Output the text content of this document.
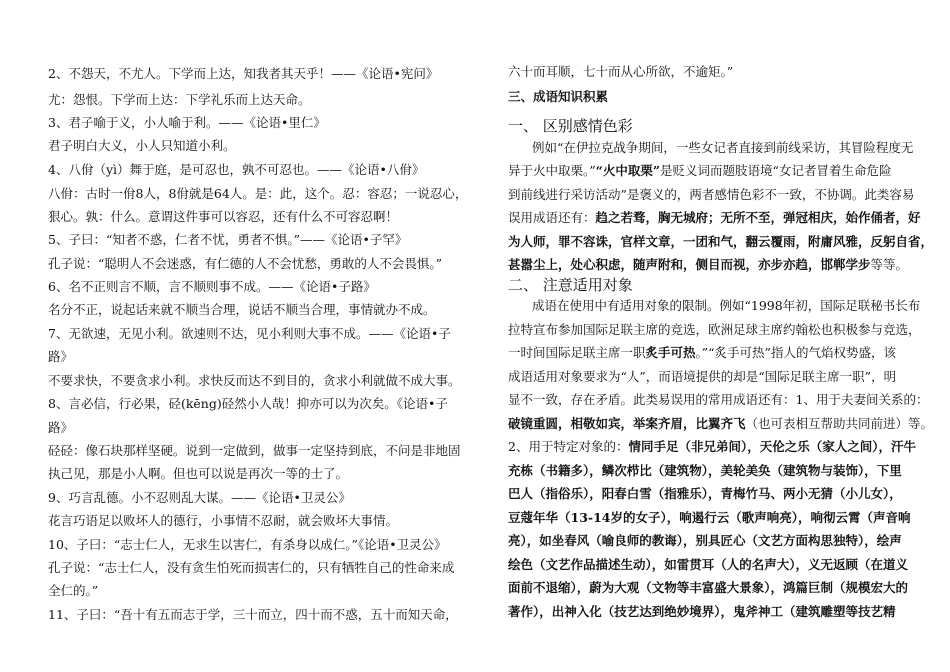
2、不怨天，不尤人。下学而上达，知我者其天乎！——《论语•宪问》

尤：怨恨。下学而上达：下学礼乐而上达天命。

3、君子喻于义，小人喻于利。——《论语•里仁》

君子明白大义，小人只知道小利。

4、八佾（yì）舞于庭，是可忍也，孰不可忍也。——《论语•八佾》

八佾：古时一佾8人，8佾就是64人。是：此，这个。忍：容忍；一说忍心，

狠心。孰：什么。意谓这件事可以容忍，还有什么不可容忍啊！

5、子曰：“知者不惑，仁者不忧，勇者不惧。”——《论语•子罕》

孔子说：“聪明人不会迷惑，有仁德的人不会忧愁，勇敢的人不会畏惧。”

6、名不正则言不顺，言不顺则事不成。——《论语•子路》

名分不正，说起话来就不顺当合理，说话不顺当合理，事情就办不成。

7、无欲速，无见小利。欲速则不达，见小利则大事不成。——《论语•子

路》

不要求快，不要贪求小利。求快反而达不到目的，贪求小利就做不成大事。

8、言必信，行必果，硁(kēng)硁然小人哉！抑亦可以为次矣。《论语•子

路》

硁硁：像石块那样坚硬。说到一定做到，做事一定坚持到底，不问是非地固

执己见，那是小人啊。但也可以说是再次一等的士了。

9、巧言乱德。小不忍则乱大谋。——《论语•卫灵公》

花言巧语足以败坏人的德行，小事情不忍耐，就会败坏大事情。

10、子曰：“志士仁人，无求生以害仁，有杀身以成仁。”《论语•卫灵公》

孔子说：“志士仁人，没有贪生怕死而损害仁的，只有牺牲自己的性命来成

全仁的。”

11、子曰：“吾十有五而志于学，三十而立，四十而不惑，五十而知天命，

六十而耳顺，七十而从心所欲，不逾矩。”

三、成语知识积累

一、 区别感情色彩

例如“在伊拉克战争期间，一些女记者直接到前线采访，其冒险程度无

异于火中取栗。”“火中取栗”是贬义词而题肢语境“女记者冒着生命危险

到前线进行采访活动”是褒义的，两者感情色彩不一致，不协调。此类容易

误用成语还有：趋之若骛，胸无城府；无所不至，弹冠相庆，始作俑者，好

为人师，罪不容诛，官样文章，一团和气，翻云覆雨，附庸风雅，反躬自省，

甚嚣尘上，处心积虑，随声附和，侧目而视，亦步亦趋，邯郸学步等等。

二、 注意适用对象

成语在使用中有适用对象的限制。例如“1998年初，国际足联秘书长布

拉特宣布参加国际足联主席的竞选，欧洲足球主席约翰松也积极参与竞选，

一时间国际足联主席一职炙手可热。”“炙手可热”指人的气焰权势盛，该

成语适用对象要求为“人”，而语境提供的却是“国际足联主席一职”，明

显不一致，存在矛盾。此类易误用的常用成语还有：1、用于夫妻间关系的：

破镜重圆，相敬如宾，举案齐眉，比翼齐飞（也可表相互帮助共同前进）等。

2、用于特定对象的：情同手足（非兄弟间），天伦之乐（家人之间），汗牛

充栋（书籍多），鳞次栉比（建筑物），美轮美奂（建筑物与装饰），下里

巴人（指俗乐），阳春白雪（指雅乐），青梅竹马、两小无猜（小儿女），

豆蔻年华（13-14岁的女子），响遏行云（歌声响亮），响彻云霄（声音响

亮），如坐春风（喻良师的教诲），别具匠心（文艺方面构思独特），绘声

绘色（文艺作品描述生动），如雷贯耳（人的名声大），义无返顾（在道义

面前不退缩），蔚为大观（文物等丰富盛大景象），鸿篇巨制（规模宏大的

著作），出神入化（技艺达到绝妙境界），鬼斧神工（建筑雕塑等技艺精
